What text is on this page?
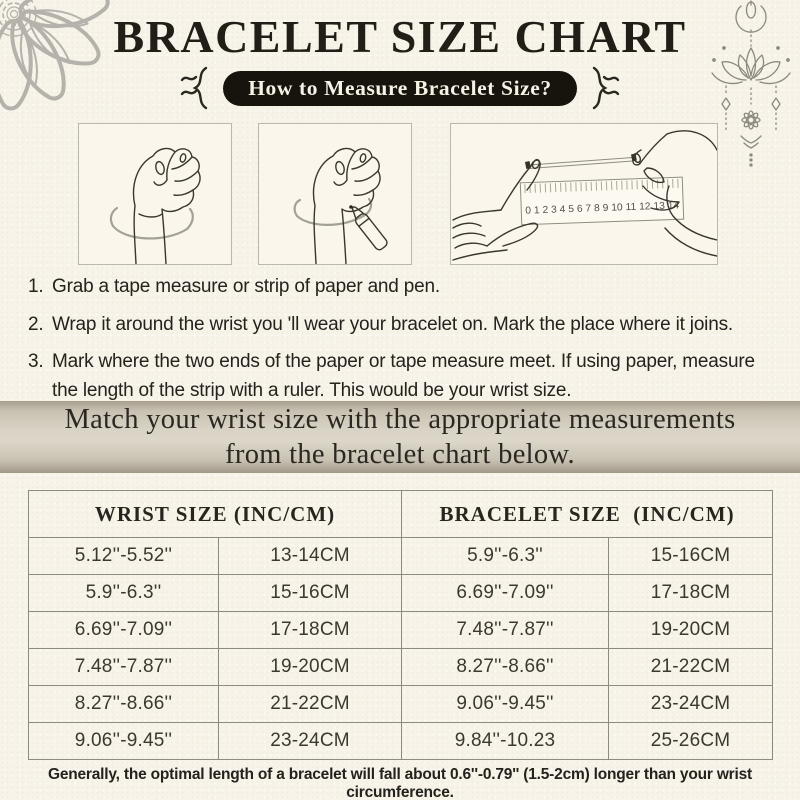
BRACELET SIZE CHART
How to Measure Bracelet Size?
0 1 2 3 4 5 6 7 8 9 10 11 12 13 14
1. Grab a tape measure or strip of paper and pen.
2. Wrap it around the wrist you 'll wear your bracelet on. Mark the place where it joins.
3. Mark where the two ends of the paper or tape measure meet. If using paper, measure the length of the strip with a ruler. This would be your wrist size.
Match your wrist size with the appropriate measurements from the bracelet chart below.
WRIST SIZE (INC/CM)		BRACELET SIZE  (INC/CM)	
5.12''-5.52''	13-14CM	5.9''-6.3''	15-16CM
5.9''-6.3''	15-16CM	6.69''-7.09''	17-18CM
6.69''-7.09''	17-18CM	7.48''-7.87''	19-20CM
7.48''-7.87''	19-20CM	8.27''-8.66''	21-22CM
8.27''-8.66''	21-22CM	9.06''-9.45''	23-24CM
9.06''-9.45''	23-24CM	9.84''-10.23	25-26CM
Generally, the optimal length of a bracelet will fall about 0.6''-0.79'' (1.5-2cm) longer than your wrist circumference.
